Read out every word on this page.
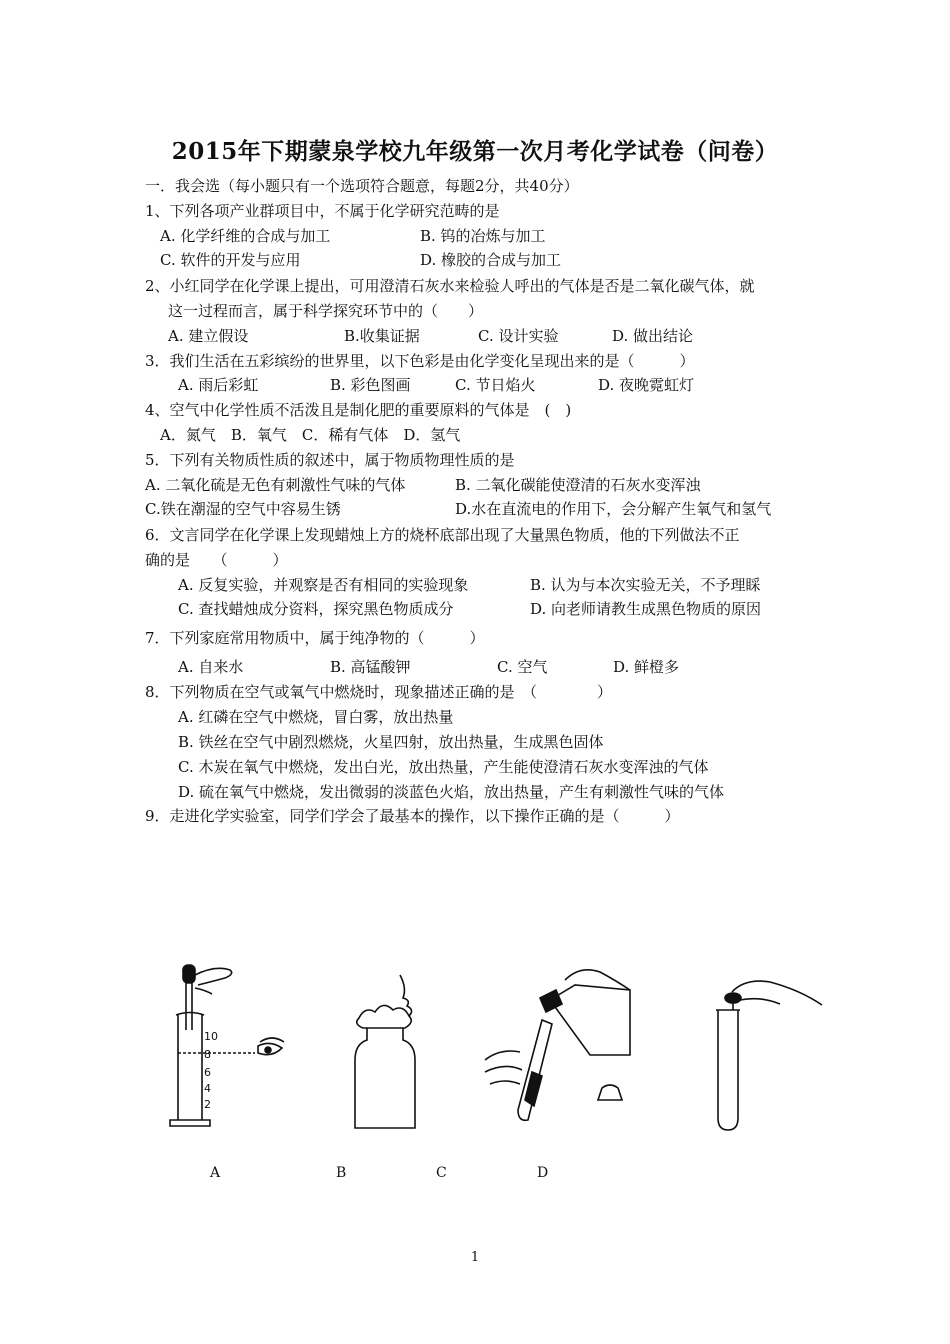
2015年下期蒙泉学校九年级第一次月考化学试卷（问卷）
一．我会选（每小题只有一个选项符合题意，每题2分，共40分）
1、下列各项产业群项目中，不属于化学研究范畴的是
A. 化学纤维的合成与加工	B. 钨的冶炼与加工
C. 软件的开发与应用	D. 橡胶的合成与加工
2、小红同学在化学课上提出，可用澄清石灰水来检验人呼出的气体是否是二氧化碳气体，就
这一过程而言，属于科学探究环节中的（　　）
A. 建立假设	B.收集证据	C. 设计实验	D. 做出结论
3．我们生活在五彩缤纷的世界里，以下色彩是由化学变化呈现出来的是（　　　）
A. 雨后彩虹	B. 彩色图画	C. 节日焰火	D. 夜晚霓虹灯
4、空气中化学性质不活泼且是制化肥的重要原料的气体是　(　)
A．氮气　B．氧气　C．稀有气体　D．氢气
5．下列有关物质性质的叙述中，属于物质物理性质的是
A. 二氧化硫是无色有刺激性气味的气体	B. 二氧化碳能使澄清的石灰水变浑浊
C.铁在潮湿的空气中容易生锈	D.水在直流电的作用下，会分解产生氧气和氢气
6．文言同学在化学课上发现蜡烛上方的烧杯底部出现了大量黑色物质，他的下列做法不正
确的是　　（　　　）
A. 反复实验，并观察是否有相同的实验现象	B. 认为与本次实验无关，不予理睬
C. 查找蜡烛成分资料，探究黑色物质成分	D. 向老师请教生成黑色物质的原因
7．下列家庭常用物质中，属于纯净物的（　　　）
A. 自来水	B. 高锰酸钾	C. 空气	D. 鲜橙多
8．下列物质在空气或氧气中燃烧时，现象描述正确的是　（　　　　）
A. 红磷在空气中燃烧，冒白雾，放出热量
B. 铁丝在空气中剧烈燃烧，火星四射，放出热量，生成黑色固体
C. 木炭在氧气中燃烧，发出白光，放出热量，产生能使澄清石灰水变浑浊的气体
D. 硫在氧气中燃烧，发出微弱的淡蓝色火焰，放出热量，产生有刺激性气味的气体
9．走进化学实验室，同学们学会了最基本的操作，以下操作正确的是（　　　）
10
8
6
4
2
A	B	C	D
1
